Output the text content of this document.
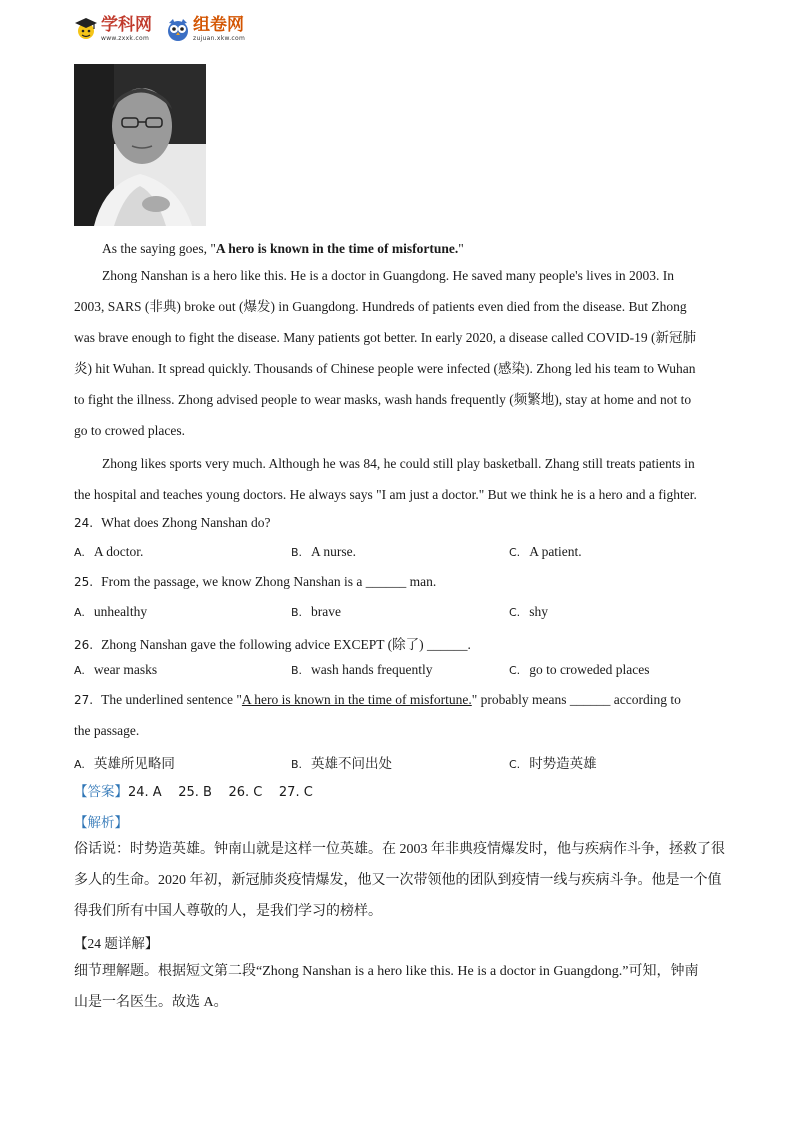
学科网
www.zxxk.com
组卷网
zujuan.xkw.com
As the saying goes, "A hero is known in the time of misfortune."
Zhong Nanshan is a hero like this. He is a doctor in Guangdong. He saved many people's lives in 2003. In
2003, SARS (非典) broke out (爆发) in Guangdong. Hundreds of patients even died from the disease. But Zhong
was brave enough to fight the disease. Many patients got better. In early 2020, a disease called COVID-19 (新冠肺
炎) hit Wuhan. It spread quickly. Thousands of Chinese people were infected (感染). Zhong led his team to Wuhan
to fight the illness. Zhong advised people to wear masks, wash hands frequently (频繁地), stay at home and not to
go to crowed places.
Zhong likes sports very much. Although he was 84, he could still play basketball. Zhang still treats patients in
the hospital and teaches young doctors. He always says "I am just a doctor." But we think he is a hero and a fighter.
24. What does Zhong Nanshan do?
A. A doctor.	B. A nurse.	C. A patient.
25. From the passage, we know Zhong Nanshan is a ______ man.
A. unhealthy	B. brave	C. shy
26. Zhong Nanshan gave the following advice EXCEPT (除了) ______.
A. wear masks	B. wash hands frequently	C. go to croweded places
27. The underlined sentence "A hero is known in the time of misfortune." probably means ______ according to
the passage.
A. 英雄所见略同	B. 英雄不问出处	C. 时势造英雄
【答案】24. A    25. B    26. C    27. C
【解析】
俗话说：时势造英雄。钟南山就是这样一位英雄。在 2003 年非典疫情爆发时，他与疾病作斗争，拯救了很
多人的生命。2020 年初，新冠肺炎疫情爆发，他又一次带领他的团队到疫情一线与疾病斗争。他是一个值
得我们所有中国人尊敬的人，是我们学习的榜样。
【24 题详解】
细节理解题。根据短文第二段“Zhong Nanshan is a hero like this. He is a doctor in Guangdong.”可知，钟南
山是一名医生。故选 A。
